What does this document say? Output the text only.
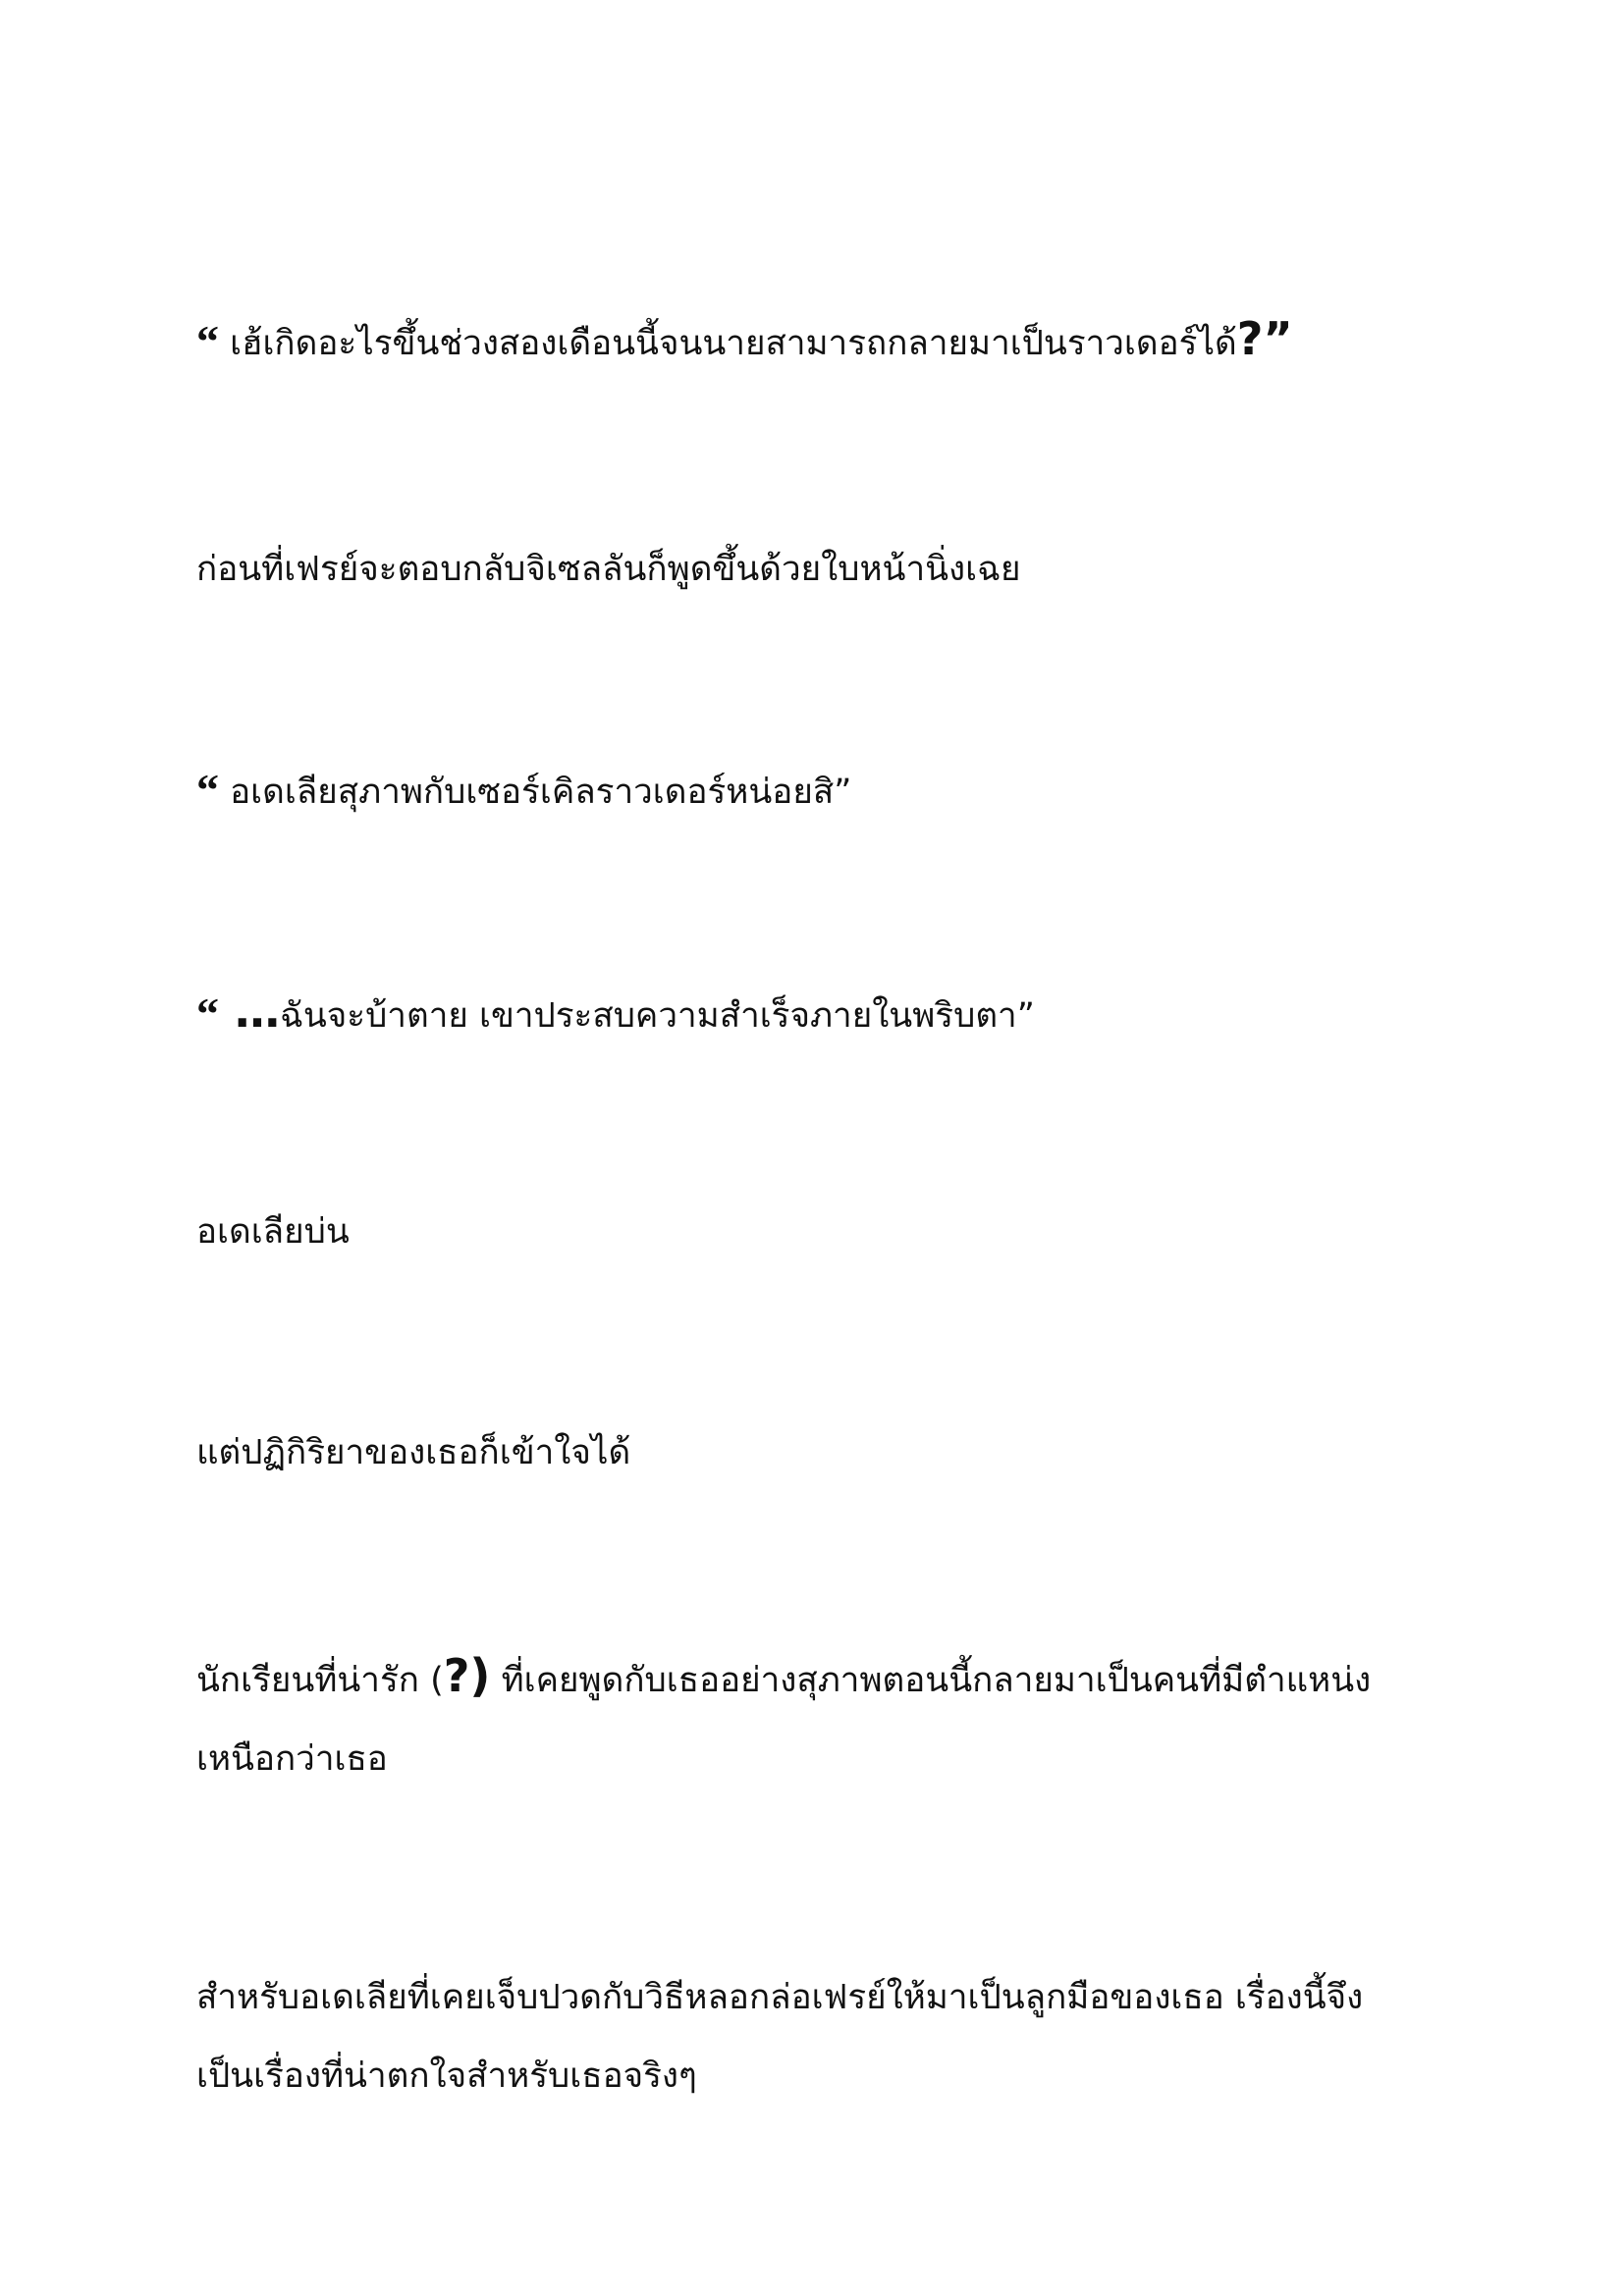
“ เฮ้เกิดอะไรขึ้นช่วงสองเดือนนี้จนนายสามารถกลายมาเป็นราวเดอร์ได้?”
ก่อนที่เฟรย์จะตอบกลับจิเซลลันก็พูดขึ้นด้วยใบหน้านิ่งเฉย
“ อเดเลียสุภาพกับเซอร์เคิลราวเดอร์หน่อยสิ”
“ …ฉันจะบ้าตาย เขาประสบความสำเร็จภายในพริบตา”
อเดเลียบ่น
แต่ปฏิกิริยาของเธอก็เข้าใจได้
นักเรียนที่น่ารัก (?) ที่เคยพูดกับเธออย่างสุภาพตอนนี้กลายมาเป็นคนที่มีตำแหน่ง
เหนือกว่าเธอ
สำหรับอเดเลียที่เคยเจ็บปวดกับวิธีหลอกล่อเฟรย์ให้มาเป็นลูกมือของเธอ เรื่องนี้จึง
เป็นเรื่องที่น่าตกใจสำหรับเธอจริงๆ
